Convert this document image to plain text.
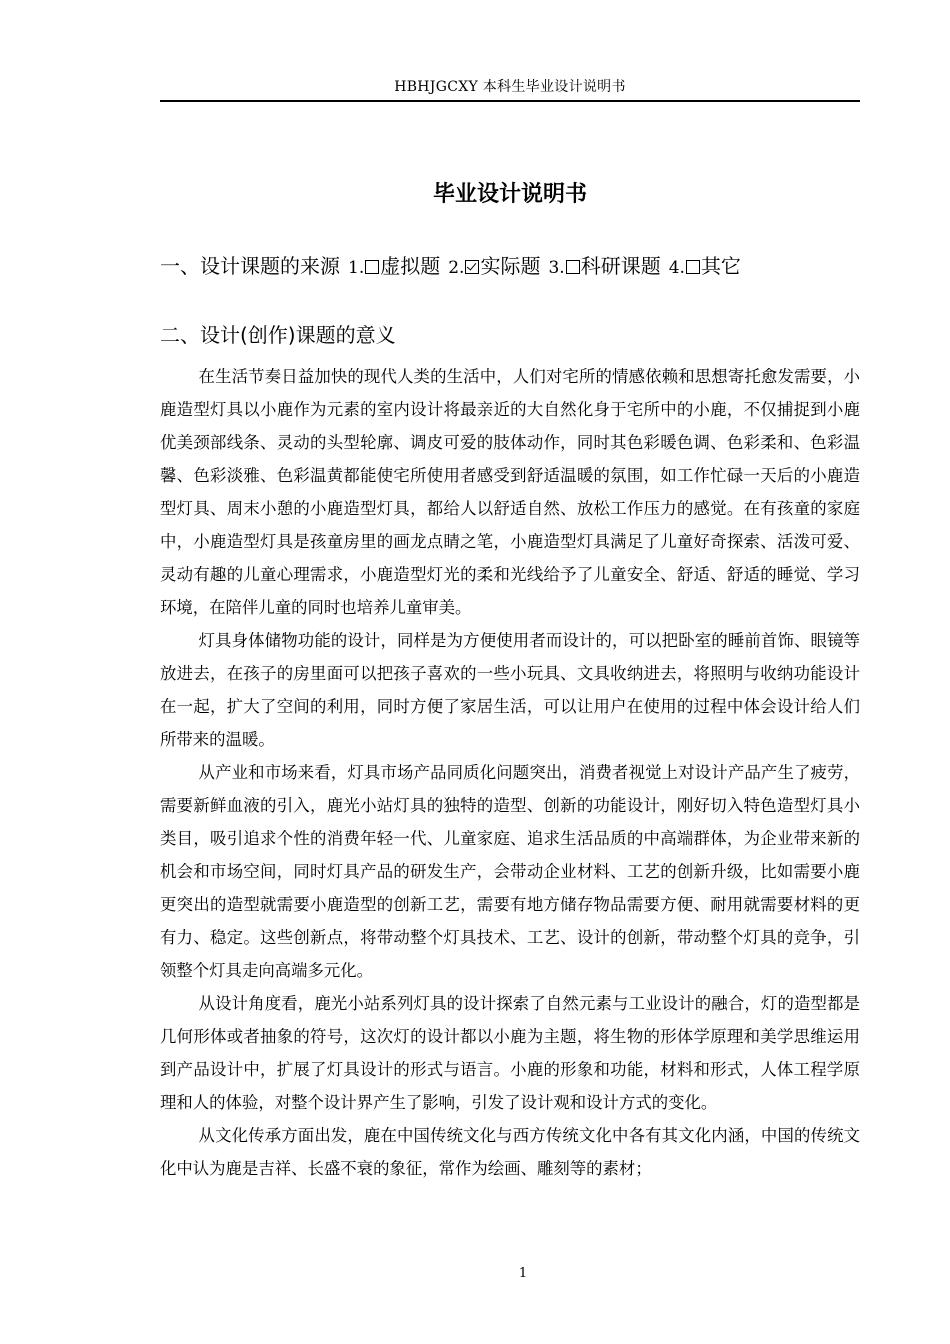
HBHJGCXY 本科生毕业设计说明书
毕业设计说明书
一、设计课题的来源 1. 虚拟题 2. 实际题 3. 科研课题 4. 其它
二、设计(创作)课题的意义

在生活节奏日益加快的现代人类的生活中，人们对宅所的情感依赖和思想寄托愈发需要，小鹿造型灯具以小鹿作为元素的室内设计将最亲近的大自然化身于宅所中的小鹿，不仅捕捉到小鹿优美颈部线条、灵动的头型轮廓、调皮可爱的肢体动作，同时其色彩暖色调、色彩柔和、色彩温馨、色彩淡雅、色彩温黄都能使宅所使用者感受到舒适温暖的氛围，如工作忙碌一天后的小鹿造型灯具、周末小憩的小鹿造型灯具，都给人以舒适自然、放松工作压力的感觉。在有孩童的家庭中，小鹿造型灯具是孩童房里的画龙点睛之笔，小鹿造型灯具满足了儿童好奇探索、活泼可爱、灵动有趣的儿童心理需求，小鹿造型灯光的柔和光线给予了儿童安全、舒适、舒适的睡觉、学习环境，在陪伴儿童的同时也培养儿童审美。

灯具身体储物功能的设计，同样是为方便使用者而设计的，可以把卧室的睡前首饰、眼镜等放进去，在孩子的房里面可以把孩子喜欢的一些小玩具、文具收纳进去，将照明与收纳功能设计在一起，扩大了空间的利用，同时方便了家居生活，可以让用户在使用的过程中体会设计给人们所带来的温暖。

从产业和市场来看，灯具市场产品同质化问题突出，消费者视觉上对设计产品产生了疲劳，需要新鲜血液的引入，鹿光小站灯具的独特的造型、创新的功能设计，刚好切入特色造型灯具小类目，吸引追求个性的消费年轻一代、儿童家庭、追求生活品质的中高端群体，为企业带来新的机会和市场空间，同时灯具产品的研发生产，会带动企业材料、工艺的创新升级，比如需要小鹿更突出的造型就需要小鹿造型的创新工艺，需要有地方储存物品需要方便、耐用就需要材料的更有力、稳定。这些创新点，将带动整个灯具技术、工艺、设计的创新，带动整个灯具的竞争，引领整个灯具走向高端多元化。

从设计角度看，鹿光小站系列灯具的设计探索了自然元素与工业设计的融合，灯的造型都是几何形体或者抽象的符号，这次灯的设计都以小鹿为主题，将生物的形体学原理和美学思维运用到产品设计中，扩展了灯具设计的形式与语言。小鹿的形象和功能，材料和形式，人体工程学原理和人的体验，对整个设计界产生了影响，引发了设计观和设计方式的变化。

从文化传承方面出发，鹿在中国传统文化与西方传统文化中各有其文化内涵，中国的传统文化中认为鹿是吉祥、长盛不衰的象征，常作为绘画、雕刻等的素材；

1
